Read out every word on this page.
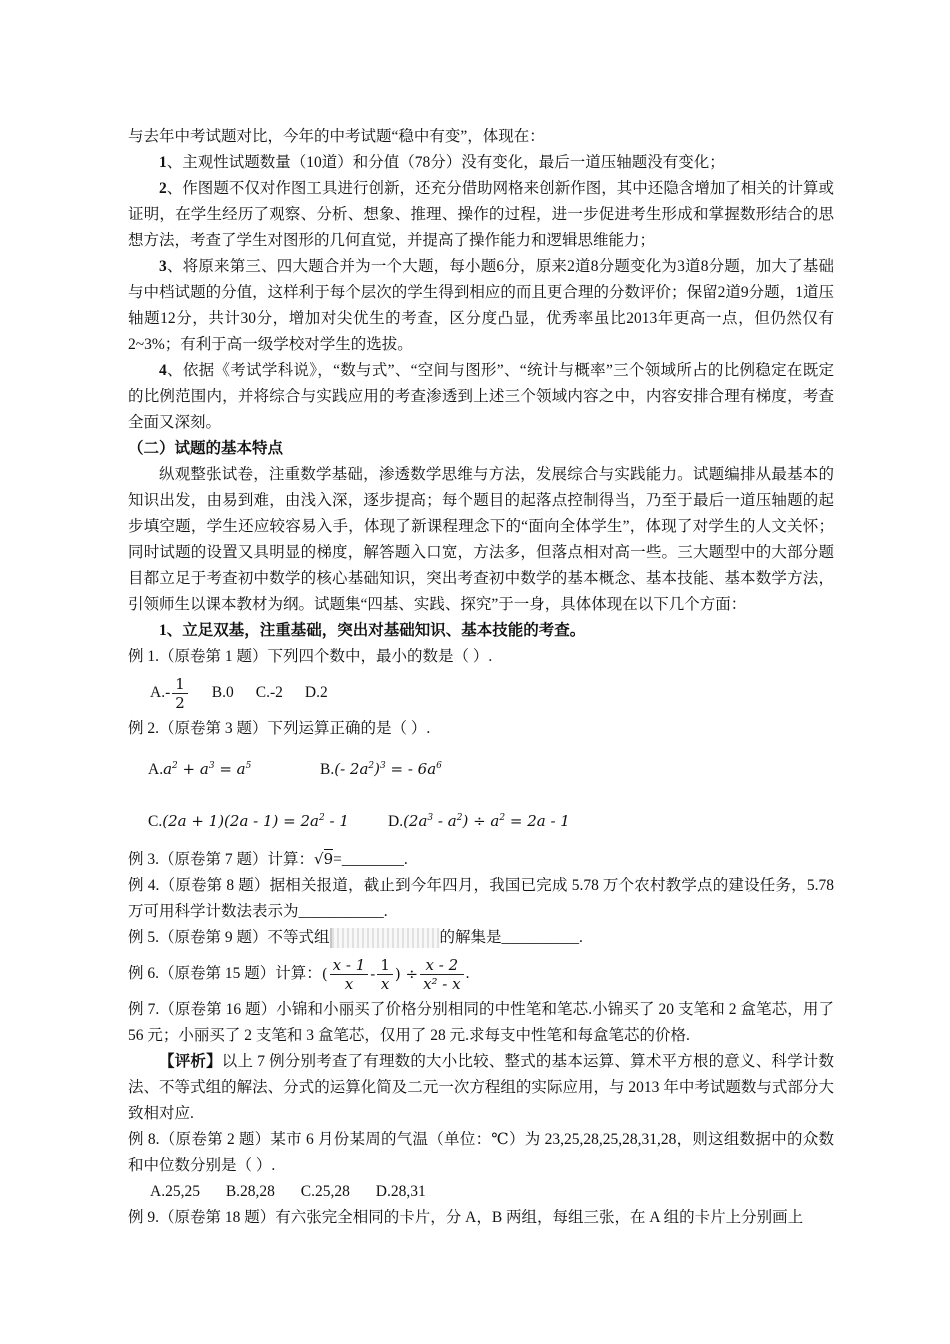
与去年中考试题对比，今年的中考试题“稳中有变”，体现在：

1、主观性试题数量（10道）和分值（78分）没有变化，最后一道压轴题没有变化；

2、作图题不仅对作图工具进行创新，还充分借助网格来创新作图，其中还隐含增加了相关的计算或证明，在学生经历了观察、分析、想象、推理、操作的过程，进一步促进考生形成和掌握数形结合的思想方法，考查了学生对图形的几何直觉，并提高了操作能力和逻辑思维能力；

3、将原来第三、四大题合并为一个大题，每小题6分，原来2道8分题变化为3道8分题，加大了基础与中档试题的分值，这样利于每个层次的学生得到相应的而且更合理的分数评价；保留2道9分题，1道压轴题12分，共计30分，增加对尖优生的考查，区分度凸显，优秀率虽比2013年更高一点，但仍然仅有2~3%；有利于高一级学校对学生的选拔。

4、依据《考试学科说》，“数与式”、“空间与图形”、“统计与概率”三个领域所占的比例稳定在既定的比例范围内，并将综合与实践应用的考查渗透到上述三个领域内容之中，内容安排合理有梯度，考查全面又深刻。

（二）试题的基本特点

纵观整张试卷，注重数学基础，渗透数学思维与方法，发展综合与实践能力。试题编排从最基本的知识出发，由易到难，由浅入深，逐步提高；每个题目的起落点控制得当，乃至于最后一道压轴题的起步填空题，学生还应较容易入手，体现了新课程理念下的“面向全体学生”，体现了对学生的人文关怀；同时试题的设置又具明显的梯度，解答题入口宽，方法多，但落点相对高一些。三大题型中的大部分题目都立足于考查初中数学的核心基础知识，突出考查初中数学的基本概念、基本技能、基本数学方法，引领师生以课本教材为纲。试题集“四基、实践、探究”于一身，具体体现在以下几个方面：

1、立足双基，注重基础，突出对基础知识、基本技能的考查。

例 1.（原卷第 1 题）下列四个数中，最小的数是（ ）.

$A.- \frac{1}{2} B.0$ C.-2 D.2

例 2.（原卷第 3 题）下列运算正确的是（ ）.

$A.a^2 + a^3 = a^5$	B.(- $2a^2)^3$ = - $6a^6$
$C.(2a + 1)(2a - 1) = 2a^2 - 1$	$D.(2a^3 - a^2) \div a^2 = 2a - 1$

例 3.（原卷第 7 题）计算：√9=________.

例 4.（原卷第 8 题）据相关报道，截止到今年四月，我国已完成 5.78 万个农村教学点的建设任务，5.78 万可用科学计数法表示为___________.

例 5.（原卷第 9 题）不等式组	的解集是__________.

例 6.（原卷第 15 题）计算： ( $\frac{x - 1}{x} - \frac{1}{x}$ ) ÷ $\frac{x - 2}{\text{x² - x}}$ .

例 7.（原卷第 16 题）小锦和小丽买了价格分别相同的中性笔和笔芯.小锦买了 20 支笔和 2 盒笔芯，用了 56 元；小丽买了 2 支笔和 3 盒笔芯，仅用了 28 元.求每支中性笔和每盒笔芯的价格.

【评析】以上 7 例分别考查了有理数的大小比较、整式的基本运算、算术平方根的意义、科学计数法、不等式组的解法、分式的运算化简及二元一次方程组的实际应用，与 2013 年中考试题数与式部分大致相对应.

例 8.（原卷第 2 题）某市 6 月份某周的气温（单位：℃）为 23,25,28,25,28,31,28，则这组数据中的众数和中位数分别是（ ）.

A.25,25 B.28,28 C.25,28 D.28,31

例 9.（原卷第 18 题）有六张完全相同的卡片，分 A，B 两组，每组三张，在 A 组的卡片上分别画上
